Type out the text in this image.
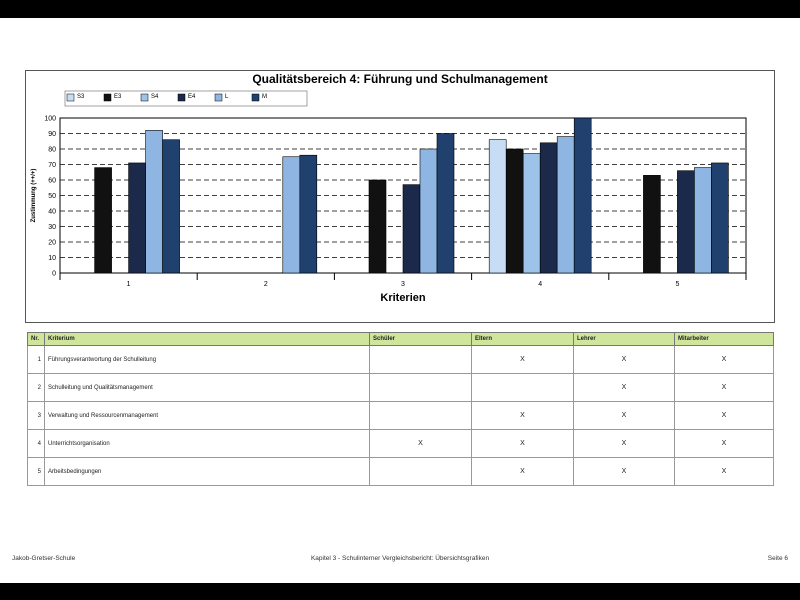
Qualitätsbereich 4: Führung und Schulmanagement
0
10
20
30
40
50
60
70
80
90
100
Zustimmung (++/+)
1	2	3	4	5
Kriterien
S3	E3	S4	E4	L	M
Nr.	Kriterium	Schüler	Eltern	Lehrer	Mitarbeiter
1	Führungsverantwortung der Schulleitung		X	X	X
2	Schulleitung und Qualitätsmanagement			X	X
3	Verwaltung und Ressourcenmanagement		X	X	X
4	Unterrichtsorganisation	X	X	X	X
5	Arbeitsbedingungen		X	X	X
Jakob-Gretser-Schule	Kapitel 3 - Schulinterner Vergleichsbericht: Übersichtsgrafiken	Seite 6
